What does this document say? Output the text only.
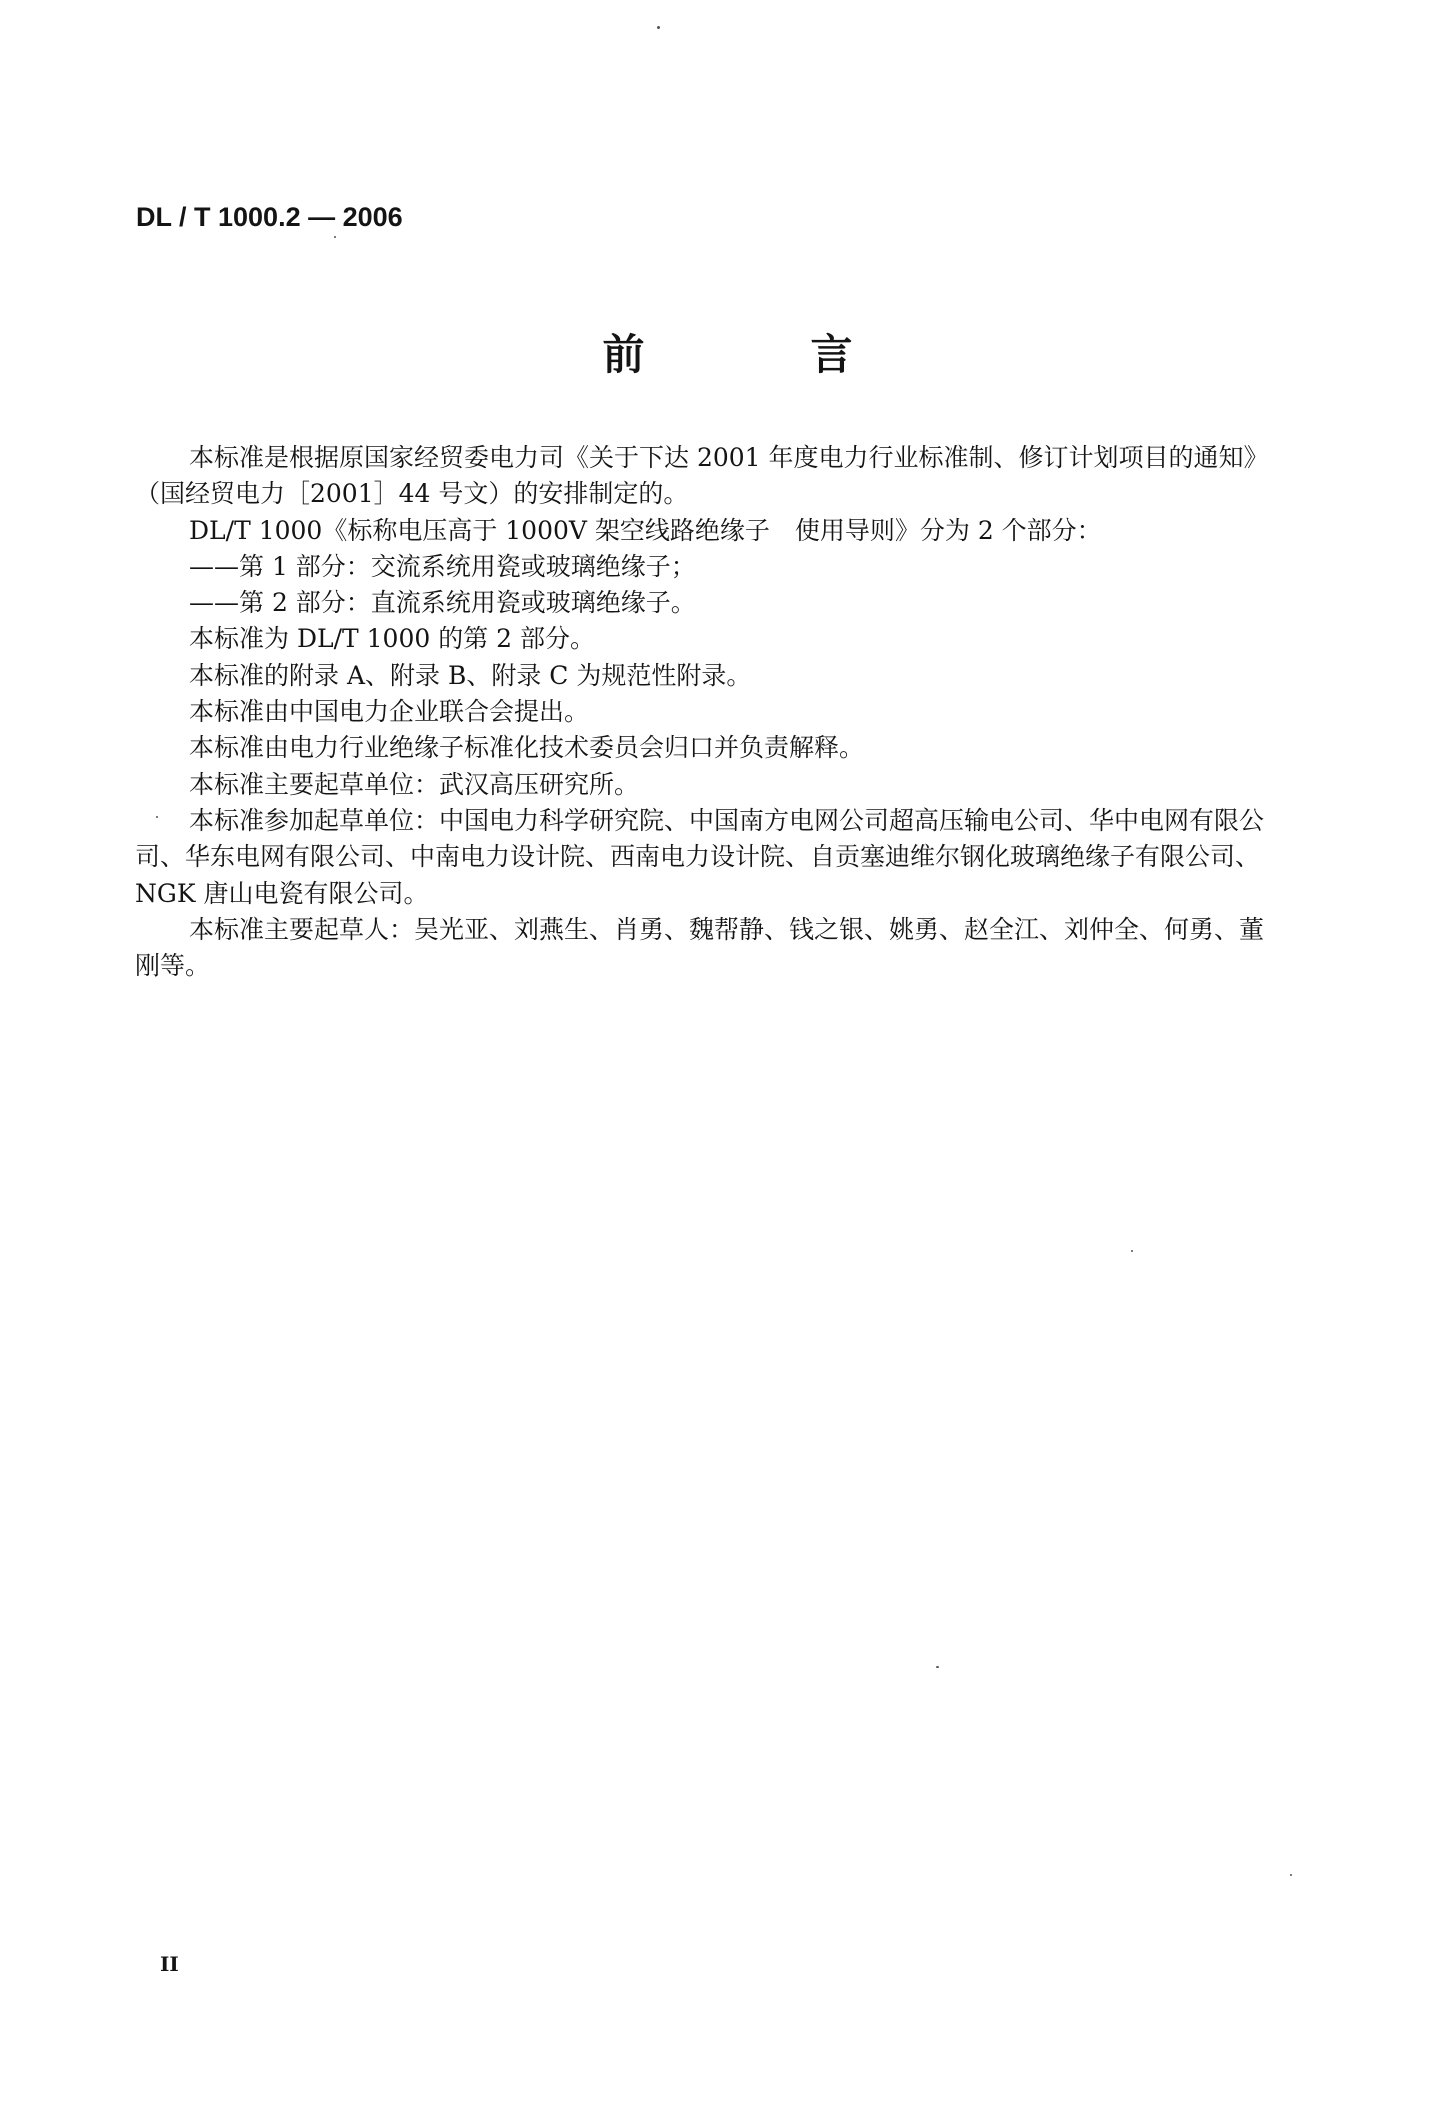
DL / T 1000.2 — 2006
前　言
本标准是根据原国家经贸委电力司《关于下达 2001 年度电力行业标准制、修订计划项目的通知》
（国经贸电力［2001］44 号文）的安排制定的。
DL/T 1000《标称电压高于 1000V 架空线路绝缘子　使用导则》分为 2 个部分：
——第 1 部分：交流系统用瓷或玻璃绝缘子；
——第 2 部分：直流系统用瓷或玻璃绝缘子。
本标准为 DL/T 1000 的第 2 部分。
本标准的附录 A、附录 B、附录 C 为规范性附录。
本标准由中国电力企业联合会提出。
本标准由电力行业绝缘子标准化技术委员会归口并负责解释。
本标准主要起草单位：武汉高压研究所。
本标准参加起草单位：中国电力科学研究院、中国南方电网公司超高压输电公司、华中电网有限公
司、华东电网有限公司、中南电力设计院、西南电力设计院、自贡塞迪维尔钢化玻璃绝缘子有限公司、
NGK 唐山电瓷有限公司。
本标准主要起草人：吴光亚、刘燕生、肖勇、魏帮静、钱之银、姚勇、赵全江、刘仲全、何勇、董
刚等。
II
